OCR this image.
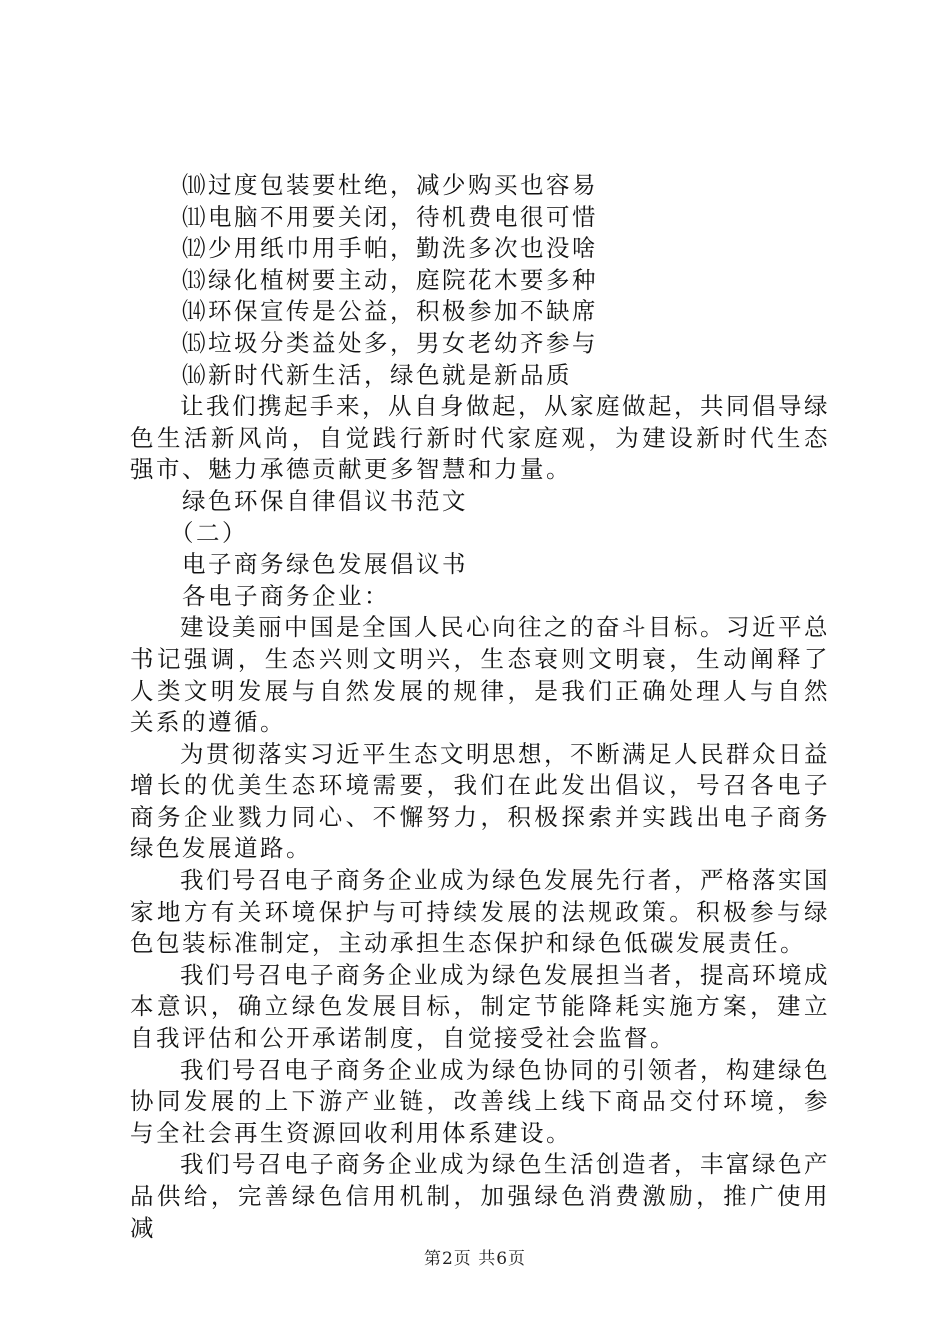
⑽过度包装要杜绝，减少购买也容易
⑾电脑不用要关闭，待机费电很可惜
⑿少用纸巾用手帕，勤洗多次也没啥
⒀绿化植树要主动，庭院花木要多种
⒁环保宣传是公益，积极参加不缺席
⒂垃圾分类益处多，男女老幼齐参与
⒃新时代新生活，绿色就是新品质

让我们携起手来，从自身做起，从家庭做起，共同倡导绿色生活新风尚，自觉践行新时代家庭观，为建设新时代生态强市、魅力承德贡献更多智慧和力量。

绿色环保自律倡议书范文
（二）
电子商务绿色发展倡议书
各电子商务企业：

建设美丽中国是全国人民心向往之的奋斗目标。习近平总书记强调，生态兴则文明兴，生态衰则文明衰，生动阐释了人类文明发展与自然发展的规律，是我们正确处理人与自然关系的遵循。

为贯彻落实习近平生态文明思想，不断满足人民群众日益增长的优美生态环境需要，我们在此发出倡议，号召各电子商务企业戮力同心、不懈努力，积极探索并实践出电子商务绿色发展道路。

我们号召电子商务企业成为绿色发展先行者，严格落实国家地方有关环境保护与可持续发展的法规政策。积极参与绿色包装标准制定，主动承担生态保护和绿色低碳发展责任。

我们号召电子商务企业成为绿色发展担当者，提高环境成本意识，确立绿色发展目标，制定节能降耗实施方案，建立自我评估和公开承诺制度，自觉接受社会监督。

我们号召电子商务企业成为绿色协同的引领者，构建绿色协同发展的上下游产业链，改善线上线下商品交付环境，参与全社会再生资源回收利用体系建设。

我们号召电子商务企业成为绿色生活创造者，丰富绿色产品供给，完善绿色信用机制，加强绿色消费激励，推广使用减

第2页 共6页
